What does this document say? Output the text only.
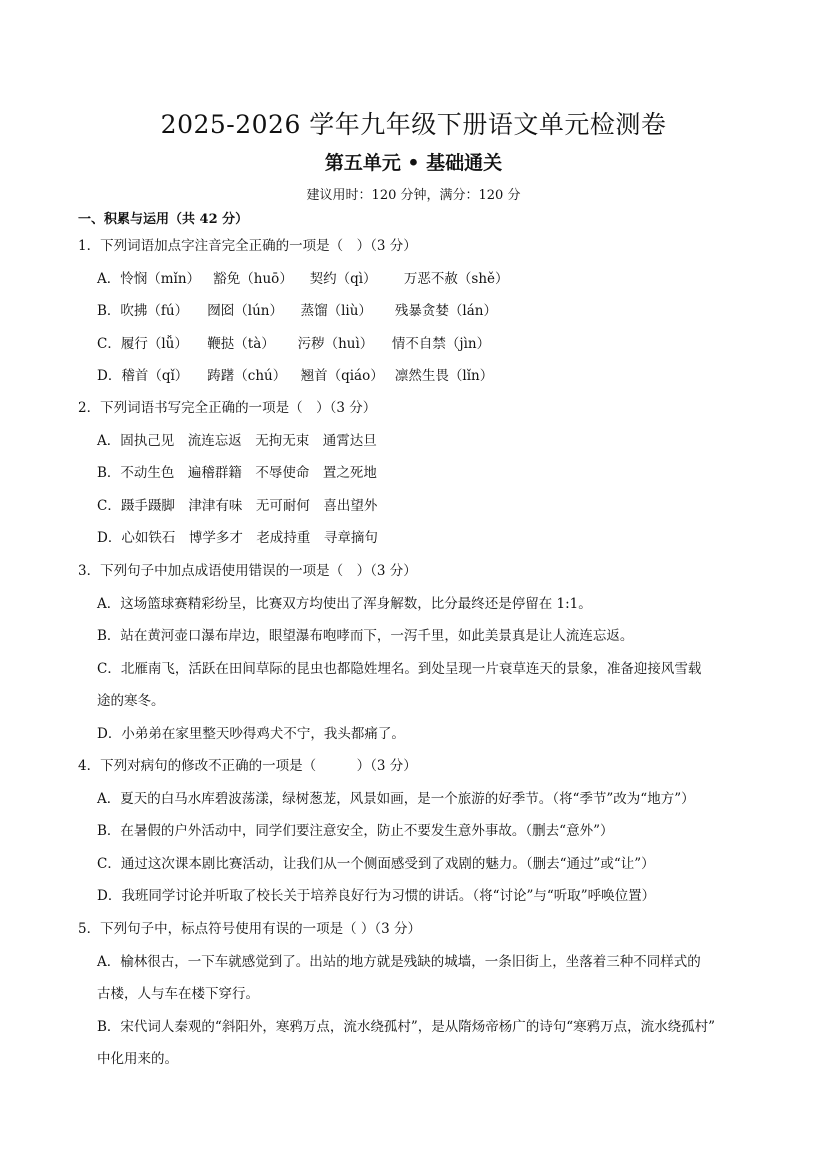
2025-2026 学年九年级下册语文单元检测卷
第五单元 • 基础通关
建议用时：120 分钟，满分：120 分
一、积累与运用（共 42 分）
1．下列词语加点字注音完全正确的一项是（　）（3 分）
A．怜悯（mǐn） 豁免（huō） 契约（qì） 万恶不赦（shě）
B．吹拂（fú） 囫囵（lún） 蒸馏（liù） 残暴贪婪（lán）
C．履行（lǚ） 鞭挞（tà） 污秽（huì） 情不自禁（jìn）
D．稽首（qǐ） 踌躇（chú） 翘首（qiáo） 凛然生畏（lǐn）
2．下列词语书写完全正确的一项是（　）（3 分）
A．固执己见　流连忘返　无拘无束　通霄达旦
B．不动生色　遍稽群籍　不辱使命　置之死地
C．蹑手蹑脚　津津有味　无可耐何　喜出望外
D．心如铁石　博学多才　老成持重　寻章摘句
3．下列句子中加点成语使用错误的一项是（　）（3 分）
A．这场篮球赛精彩纷呈，比赛双方均使出了浑身解数，比分最终还是停留在 1:1。
B．站在黄河壶口瀑布岸边，眼望瀑布咆哮而下，一泻千里，如此美景真是让人流连忘返。
C．北雁南飞，活跃在田间草际的昆虫也都隐姓埋名。到处呈现一片衰草连天的景象，准备迎接风雪载
途的寒冬。
D．小弟弟在家里整天吵得鸡犬不宁，我头都痛了。
4．下列对病句的修改不正确的一项是（　　　）（3 分）
A．夏天的白马水库碧波荡漾，绿树葱茏，风景如画，是一个旅游的好季节。（将“季节”改为“地方”）
B．在暑假的户外活动中，同学们要注意安全，防止不要发生意外事故。（删去“意外”）
C．通过这次课本剧比赛活动，让我们从一个侧面感受到了戏剧的魅力。（删去“通过”或“让”）
D．我班同学讨论并听取了校长关于培养良好行为习惯的讲话。（将“讨论”与“听取”呼唤位置）
5．下列句子中，标点符号使用有误的一项是（ ）（3 分）
A．榆林很古，一下车就感觉到了。出站的地方就是残缺的城墙，一条旧街上，坐落着三种不同样式的
古楼，人与车在楼下穿行。
B．宋代词人秦观的“斜阳外，寒鸦万点，流水绕孤村”，是从隋炀帝杨广的诗句“寒鸦万点，流水绕孤村”
中化用来的。
